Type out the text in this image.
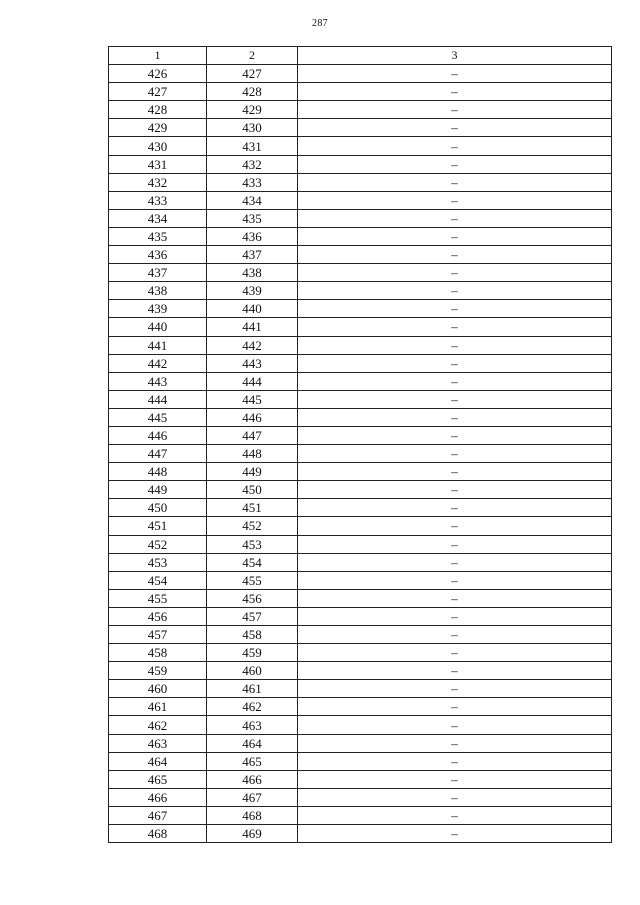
287
1	2	3
426	427	–
427	428	–
428	429	–
429	430	–
430	431	–
431	432	–
432	433	–
433	434	–
434	435	–
435	436	–
436	437	–
437	438	–
438	439	–
439	440	–
440	441	–
441	442	–
442	443	–
443	444	–
444	445	–
445	446	–
446	447	–
447	448	–
448	449	–
449	450	–
450	451	–
451	452	–
452	453	–
453	454	–
454	455	–
455	456	–
456	457	–
457	458	–
458	459	–
459	460	–
460	461	–
461	462	–
462	463	–
463	464	–
464	465	–
465	466	–
466	467	–
467	468	–
468	469	–
